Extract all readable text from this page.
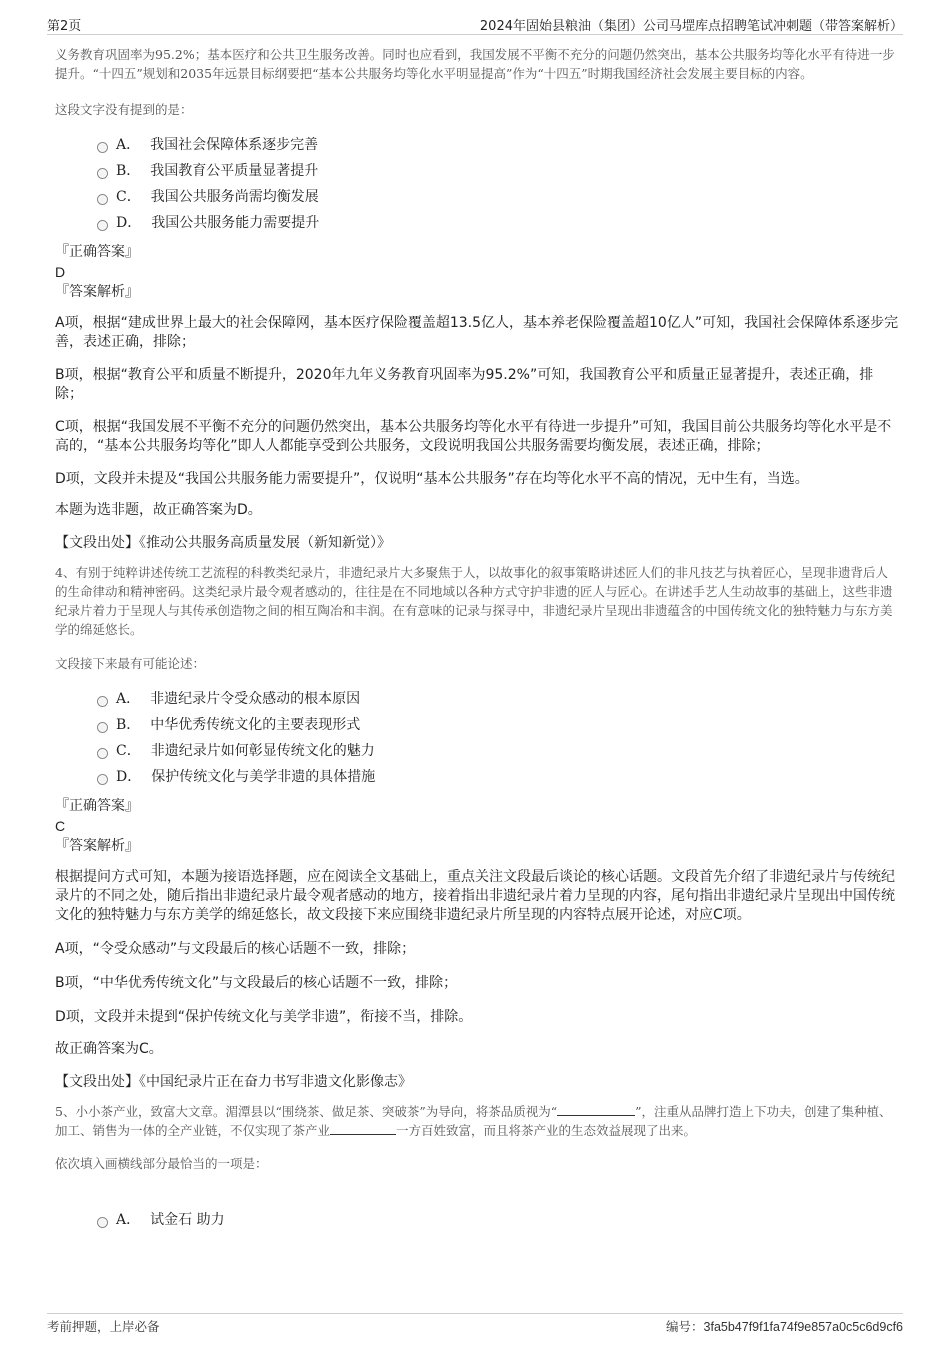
第2页	2024年固始县粮油（集团）公司马堽库点招聘笔试冲刺题（带答案解析）

义务教育巩固率为95.2%；基本医疗和公共卫生服务改善。同时也应看到，我国发展不平衡不充分的问题仍然突出，基本公共服务均等化水平有待进一步提升。“十四五”规划和2035年远景目标纲要把“基本公共服务均等化水平明显提高”作为“十四五”时期我国经济社会发展主要目标的内容。

这段文字没有提到的是：

A． 我国社会保障体系逐步完善
B． 我国教育公平质量显著提升
C． 我国公共服务尚需均衡发展
D． 我国公共服务能力需要提升

『正确答案』

D

『答案解析』

A项，根据“建成世界上最大的社会保障网，基本医疗保险覆盖超13.5亿人，基本养老保险覆盖超10亿人”可知，我国社会保障体系逐步完善，表述正确，排除；

B项，根据“教育公平和质量不断提升，2020年九年义务教育巩固率为95.2%”可知，我国教育公平和质量正显著提升，表述正确，排除；

C项，根据“我国发展不平衡不充分的问题仍然突出，基本公共服务均等化水平有待进一步提升”可知，我国目前公共服务均等化水平是不高的，“基本公共服务均等化”即人人都能享受到公共服务，文段说明我国公共服务需要均衡发展，表述正确，排除；

D项，文段并未提及“我国公共服务能力需要提升”，仅说明“基本公共服务”存在均等化水平不高的情况，无中生有，当选。

本题为选非题，故正确答案为D。

【文段出处】《推动公共服务高质量发展（新知新觉）》

4、有别于纯粹讲述传统工艺流程的科教类纪录片，非遗纪录片大多聚焦于人，以故事化的叙事策略讲述匠人们的非凡技艺与执着匠心，呈现非遗背后人的生命律动和精神密码。这类纪录片最令观者感动的，往往是在不同地域以各种方式守护非遗的匠人与匠心。在讲述手艺人生动故事的基础上，这些非遗纪录片着力于呈现人与其传承创造物之间的相互陶冶和丰润。在有意味的记录与探寻中，非遗纪录片呈现出非遗蕴含的中国传统文化的独特魅力与东方美学的绵延悠长。

文段接下来最有可能论述：

A． 非遗纪录片令受众感动的根本原因
B． 中华优秀传统文化的主要表现形式
C． 非遗纪录片如何彰显传统文化的魅力
D． 保护传统文化与美学非遗的具体措施

『正确答案』

C

『答案解析』

根据提问方式可知，本题为接语选择题，应在阅读全文基础上，重点关注文段最后谈论的核心话题。文段首先介绍了非遗纪录片与传统纪录片的不同之处，随后指出非遗纪录片最令观者感动的地方，接着指出非遗纪录片着力呈现的内容，尾句指出非遗纪录片呈现出中国传统文化的独特魅力与东方美学的绵延悠长，故文段接下来应围绕非遗纪录片所呈现的内容特点展开论述，对应C项。

A项，“令受众感动”与文段最后的核心话题不一致，排除；

B项，“中华优秀传统文化”与文段最后的核心话题不一致，排除；

D项，文段并未提到“保护传统文化与美学非遗”，衔接不当，排除。

故正确答案为C。

【文段出处】《中国纪录片正在奋力书写非遗文化影像志》

5、小小茶产业，致富大文章。湄潭县以“围绕茶、做足茶、突破茶”为导向，将茶品质视为“	”，注重从品牌打造上下功夫，创建了集种植、加工、销售为一体的全产业链，不仅实现了茶产业	一方百姓致富，而且将茶产业的生态效益展现了出来。

依次填入画横线部分最恰当的一项是：

A． 试金石 助力
考前押题，上岸必备	编号：3fa5b47f9f1fa74f9e857a0c5c6d9cf6
